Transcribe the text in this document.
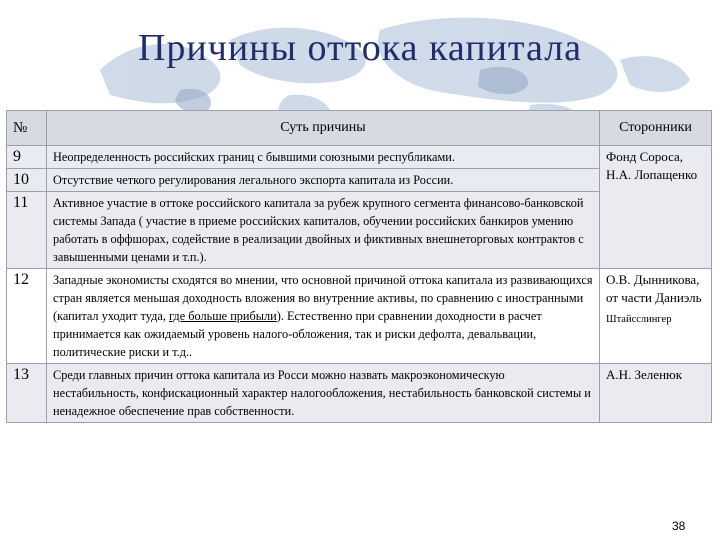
Причины оттока капитала
№	Суть причины	Сторонники
9	Неопределенность российских границ с бывшими союзными республиками.	Фонд Сороса, Н.А. Лопащенко
10	Отсутствие четкого регулирования легального экспорта капитала из России.	
11	Активное участие в оттоке российского капитала за рубеж крупного сегмента финансово-банковской системы Запада ( участие в приеме российских капиталов, обучении российских банкиров умению работать в оффшорах, содействие в реализации двойных и фиктивных внешнеторговых контрактов с завышенными ценами и т.п.).	
12	Западные экономисты сходятся во мнении, что основной причиной оттока капитала из развивающихся стран является меньшая доходность вложения во внутренние активы, по сравнению с иностранными (капитал уходит туда, где больше прибыли). Естественно при сравнении доходности в расчет принимается как ожидаемый уровень налого-обложения, так и риски дефолта, девальвации, политические риски и т.д..	О.В. Дынникова, от части Даниэль
Штайсслингер

13	Среди главных причин оттока капитала из Росси можно назвать макроэкономическую нестабильность, конфискационный характер налогообложения, нестабильность банковской системы и ненадежное обеспечение прав собственности.	А.Н. Зеленюк
38
